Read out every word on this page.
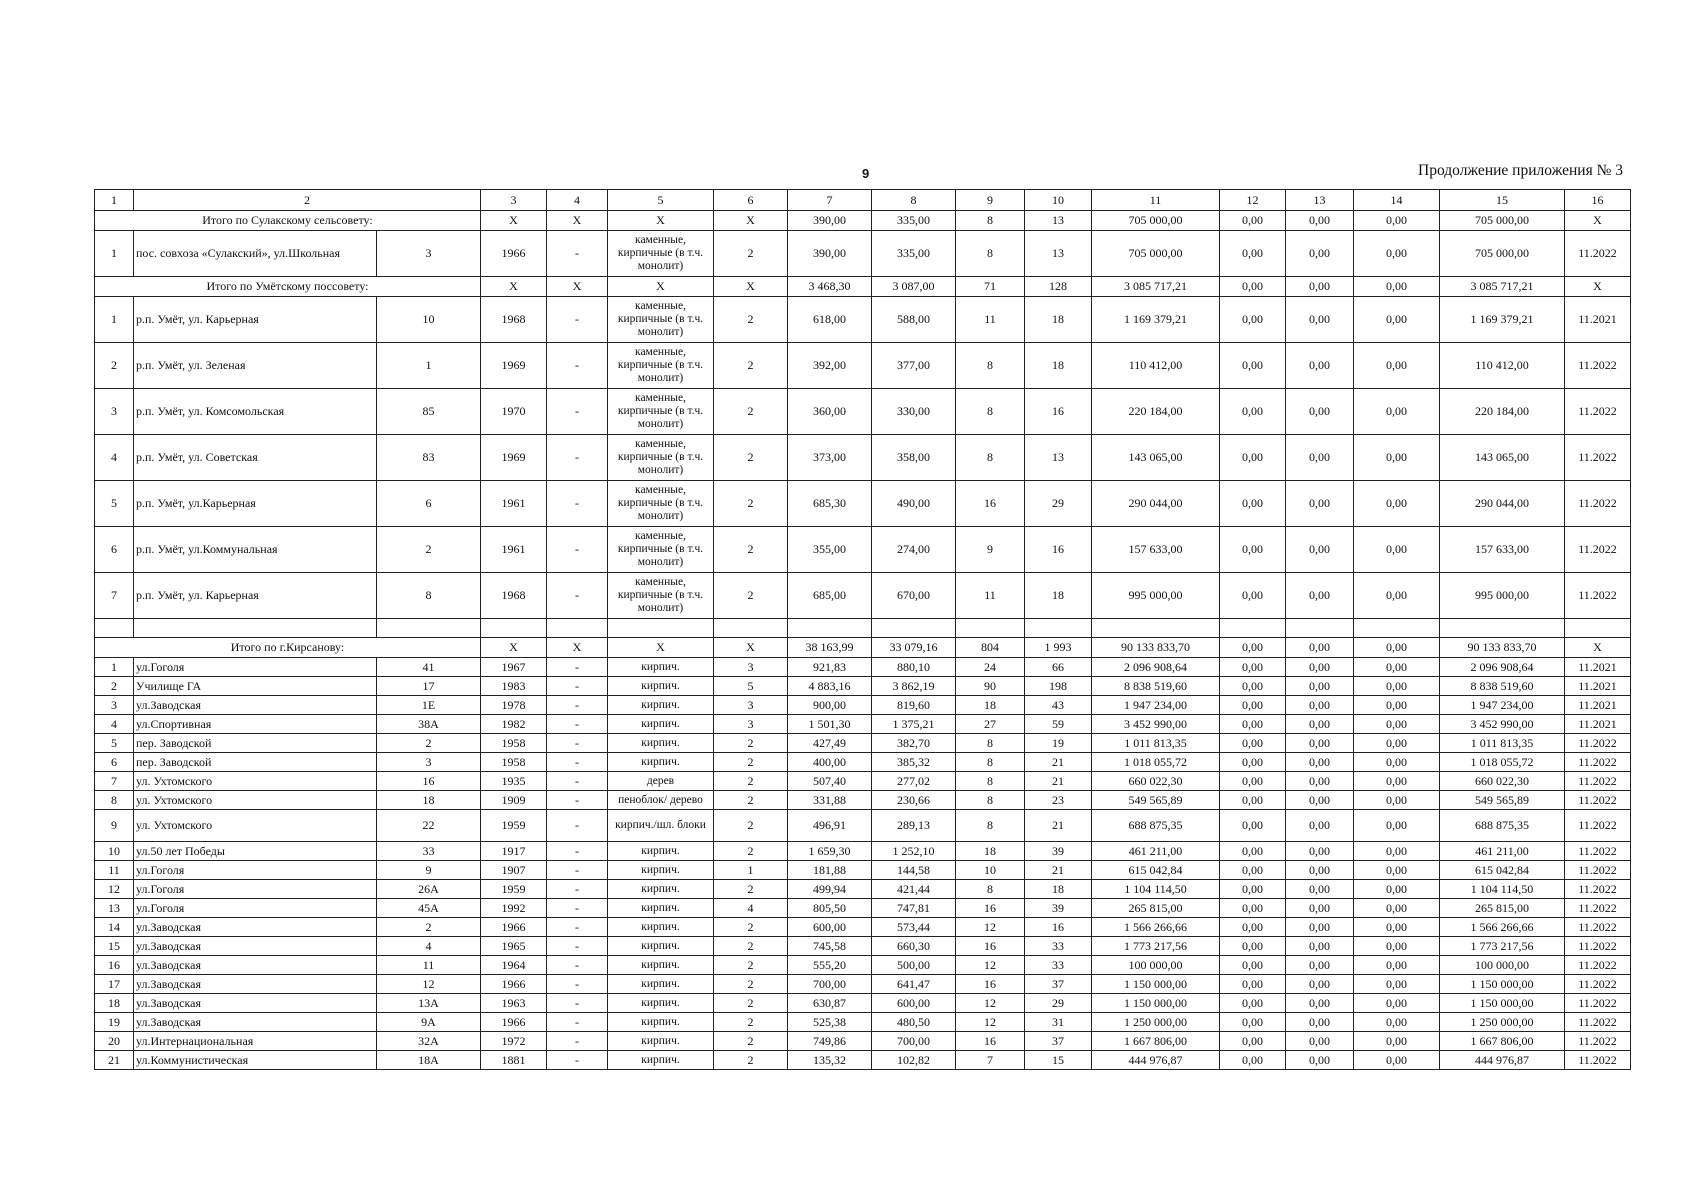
9	Продолжение приложения № 3
1	2		3	4	5	6	7	8	9	10	11	12	13	14	15	16
Итого по Сулакскому сельсовету:			X	X	X	X	390,00	335,00	8	13	705 000,00	0,00	0,00	0,00	705 000,00	X
1	пос. совхоза «Сулакский», ул.Школьная	3	1966	-	каменные, кирпичные (в т.ч. монолит)	2	390,00	335,00	8	13	705 000,00	0,00	0,00	0,00	705 000,00	11.2022
Итого по Умётскому поссовету:			X	X	X	X	3 468,30	3 087,00	71	128	3 085 717,21	0,00	0,00	0,00	3 085 717,21	X
1	р.п. Умёт, ул. Карьерная	10	1968	-	каменные, кирпичные (в т.ч. монолит)	2	618,00	588,00	11	18	1 169 379,21	0,00	0,00	0,00	1 169 379,21	11.2021
2	р.п. Умёт, ул. Зеленая	1	1969	-	каменные, кирпичные (в т.ч. монолит)	2	392,00	377,00	8	18	110 412,00	0,00	0,00	0,00	110 412,00	11.2022
3	р.п. Умёт, ул. Комсомольская	85	1970	-	каменные, кирпичные (в т.ч. монолит)	2	360,00	330,00	8	16	220 184,00	0,00	0,00	0,00	220 184,00	11.2022
4	р.п. Умёт, ул. Советская	83	1969	-	каменные, кирпичные (в т.ч. монолит)	2	373,00	358,00	8	13	143 065,00	0,00	0,00	0,00	143 065,00	11.2022
5	р.п. Умёт, ул.Карьерная	6	1961	-	каменные, кирпичные (в т.ч. монолит)	2	685,30	490,00	16	29	290 044,00	0,00	0,00	0,00	290 044,00	11.2022
6	р.п. Умёт, ул.Коммунальная	2	1961	-	каменные, кирпичные (в т.ч. монолит)	2	355,00	274,00	9	16	157 633,00	0,00	0,00	0,00	157 633,00	11.2022
7	р.п. Умёт, ул. Карьерная	8	1968	-	каменные, кирпичные (в т.ч. монолит)	2	685,00	670,00	11	18	995 000,00	0,00	0,00	0,00	995 000,00	11.2022

Итого по г.Кирсанову:			X	X	X	X	38 163,99	33 079,16	804	1 993	90 133 833,70	0,00	0,00	0,00	90 133 833,70	X
1	ул.Гоголя	41	1967	-	кирпич.	3	921,83	880,10	24	66	2 096 908,64	0,00	0,00	0,00	2 096 908,64	11.2021
2	Училище ГА	17	1983	-	кирпич.	5	4 883,16	3 862,19	90	198	8 838 519,60	0,00	0,00	0,00	8 838 519,60	11.2021
3	ул.Заводская	1Е	1978	-	кирпич.	3	900,00	819,60	18	43	1 947 234,00	0,00	0,00	0,00	1 947 234,00	11.2021
4	ул.Спортивная	38А	1982	-	кирпич.	3	1 501,30	1 375,21	27	59	3 452 990,00	0,00	0,00	0,00	3 452 990,00	11.2021
5	пер. Заводской	2	1958	-	кирпич.	2	427,49	382,70	8	19	1 011 813,35	0,00	0,00	0,00	1 011 813,35	11.2022
6	пер. Заводской	3	1958	-	кирпич.	2	400,00	385,32	8	21	1 018 055,72	0,00	0,00	0,00	1 018 055,72	11.2022
7	ул. Ухтомского	16	1935	-	дерев	2	507,40	277,02	8	21	660 022,30	0,00	0,00	0,00	660 022,30	11.2022
8	ул. Ухтомского	18	1909	-	пеноблок/ дерево	2	331,88	230,66	8	23	549 565,89	0,00	0,00	0,00	549 565,89	11.2022
9	ул. Ухтомского	22	1959	-	кирпич./шл. блоки	2	496,91	289,13	8	21	688 875,35	0,00	0,00	0,00	688 875,35	11.2022
10	ул.50 лет Победы	33	1917	-	кирпич.	2	1 659,30	1 252,10	18	39	461 211,00	0,00	0,00	0,00	461 211,00	11.2022
11	ул.Гоголя	9	1907	-	кирпич.	1	181,88	144,58	10	21	615 042,84	0,00	0,00	0,00	615 042,84	11.2022
12	ул.Гоголя	26А	1959	-	кирпич.	2	499,94	421,44	8	18	1 104 114,50	0,00	0,00	0,00	1 104 114,50	11.2022
13	ул.Гоголя	45А	1992	-	кирпич.	4	805,50	747,81	16	39	265 815,00	0,00	0,00	0,00	265 815,00	11.2022
14	ул.Заводская	2	1966	-	кирпич.	2	600,00	573,44	12	16	1 566 266,66	0,00	0,00	0,00	1 566 266,66	11.2022
15	ул.Заводская	4	1965	-	кирпич.	2	745,58	660,30	16	33	1 773 217,56	0,00	0,00	0,00	1 773 217,56	11.2022
16	ул.Заводская	11	1964	-	кирпич.	2	555,20	500,00	12	33	100 000,00	0,00	0,00	0,00	100 000,00	11.2022
17	ул.Заводская	12	1966	-	кирпич.	2	700,00	641,47	16	37	1 150 000,00	0,00	0,00	0,00	1 150 000,00	11.2022
18	ул.Заводская	13А	1963	-	кирпич.	2	630,87	600,00	12	29	1 150 000,00	0,00	0,00	0,00	1 150 000,00	11.2022
19	ул.Заводская	9А	1966	-	кирпич.	2	525,38	480,50	12	31	1 250 000,00	0,00	0,00	0,00	1 250 000,00	11.2022
20	ул.Интернациональная	32А	1972	-	кирпич.	2	749,86	700,00	16	37	1 667 806,00	0,00	0,00	0,00	1 667 806,00	11.2022
21	ул.Коммунистическая	18А	1881	-	кирпич.	2	135,32	102,82	7	15	444 976,87	0,00	0,00	0,00	444 976,87	11.2022
